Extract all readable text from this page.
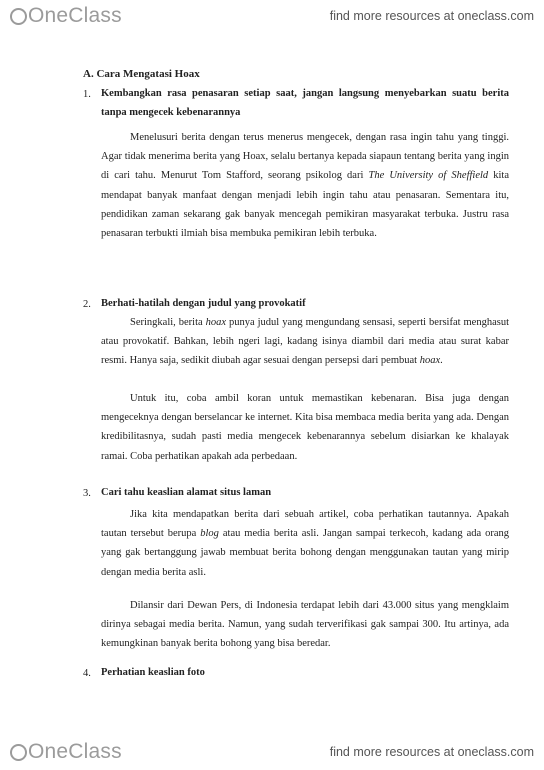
OneClass	find more resources at oneclass.com
A. Cara Mengatasi Hoax
1. Kembangkan rasa penasaran setiap saat, jangan langsung menyebarkan suatu berita tanpa mengecek kebenarannya

Menelusuri berita dengan terus menerus mengecek, dengan rasa ingin tahu yang tinggi. Agar tidak menerima berita yang Hoax, selalu bertanya kepada siapaun tentang berita yang ingin di cari tahu. Menurut Tom Stafford, seorang psikolog dari The University of Sheffield kita mendapat banyak manfaat dengan menjadi lebih ingin tahu atau penasaran. Sementara itu, pendidikan zaman sekarang gak banyak mencegah pemikiran masyarakat terbuka. Justru rasa penasaran terbukti ilmiah bisa membuka pemikiran lebih terbuka.

2. Berhati-hatilah dengan judul yang provokatif

Seringkali, berita hoax punya judul yang mengundang sensasi, seperti bersifat menghasut atau provokatif. Bahkan, lebih ngeri lagi, kadang isinya diambil dari media atau surat kabar resmi. Hanya saja, sedikit diubah agar sesuai dengan persepsi dari pembuat hoax.

Untuk itu, coba ambil koran untuk memastikan kebenaran. Bisa juga dengan mengeceknya dengan berselancar ke internet. Kita bisa membaca media berita yang ada. Dengan kredibilitasnya, sudah pasti media mengecek kebenarannya sebelum disiarkan ke khalayak ramai. Coba perhatikan apakah ada perbedaan.

3. Cari tahu keaslian alamat situs laman

Jika kita mendapatkan berita dari sebuah artikel, coba perhatikan tautannya. Apakah tautan tersebut berupa blog atau media berita asli. Jangan sampai terkecoh, kadang ada orang yang gak bertanggung jawab membuat berita bohong dengan menggunakan tautan yang mirip dengan media berita asli.

Dilansir dari Dewan Pers, di Indonesia terdapat lebih dari 43.000 situs yang mengklaim dirinya sebagai media berita. Namun, yang sudah terverifikasi gak sampai 300. Itu artinya, ada kemungkinan banyak berita bohong yang bisa beredar.

4. Perhatian keaslian foto
OneClass	find more resources at oneclass.com
